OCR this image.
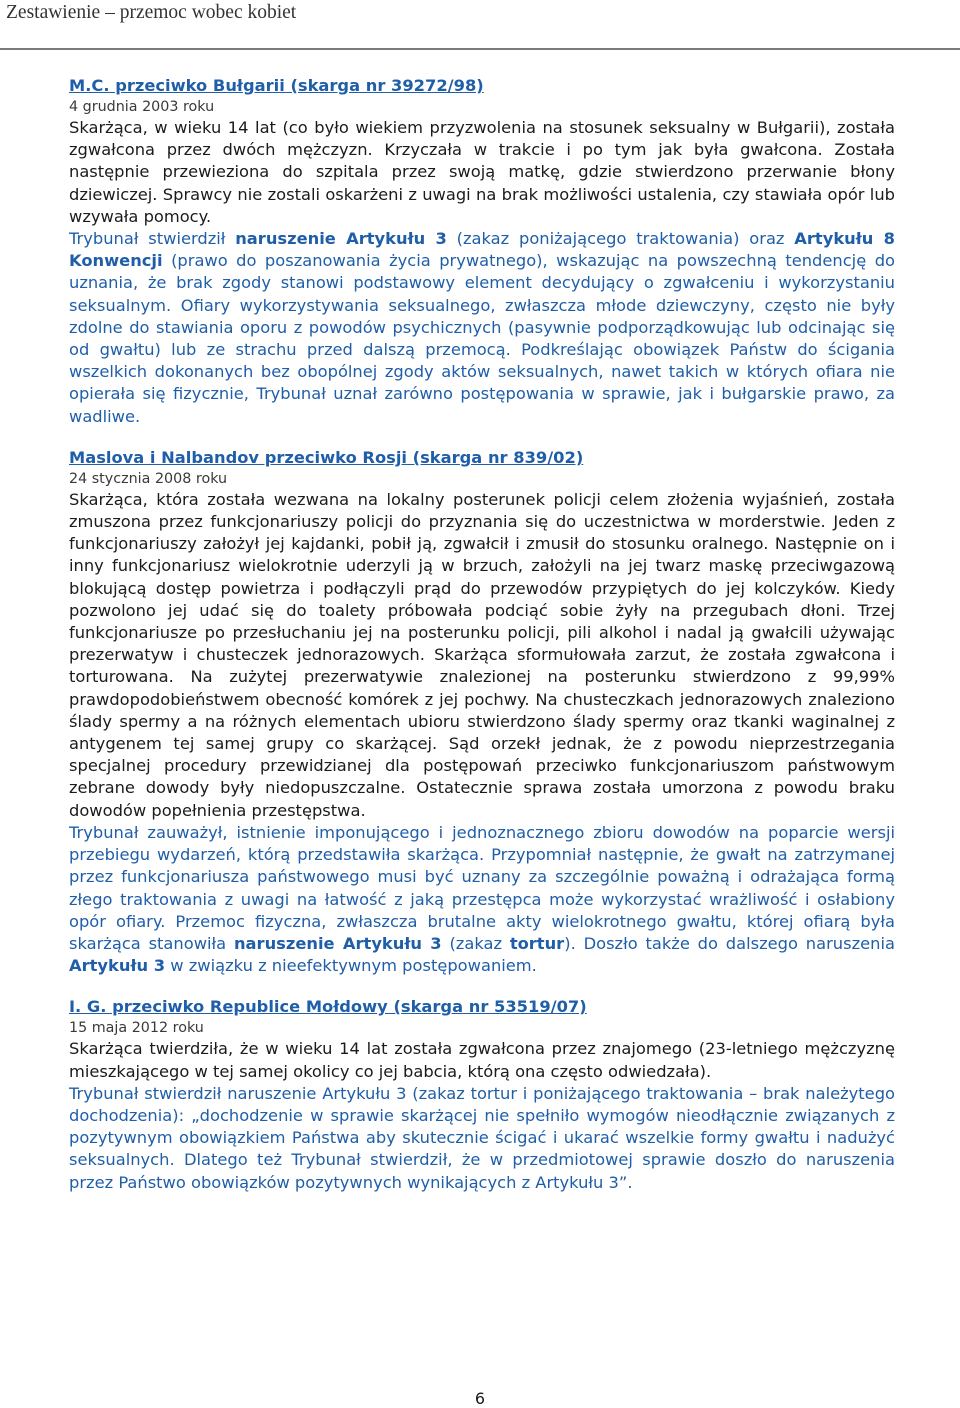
Zestawienie – przemoc wobec kobiet
M.C. przeciwko Bułgarii (skarga nr 39272/98)
4 grudnia 2003 roku

Skarżąca, w wieku 14 lat (co było wiekiem przyzwolenia na stosunek seksualny w Bułgarii), została zgwałcona przez dwóch mężczyzn. Krzyczała w trakcie i po tym jak była gwałcona. Została następnie przewieziona do szpitala przez swoją matkę, gdzie stwierdzono przerwanie błony dziewiczej. Sprawcy nie zostali oskarżeni z uwagi na brak możliwości ustalenia, czy stawiała opór lub wzywała pomocy.

Trybunał stwierdził naruszenie Artykułu 3 (zakaz poniżającego traktowania) oraz Artykułu 8 Konwencji (prawo do poszanowania życia prywatnego), wskazując na powszechną tendencję do uznania, że brak zgody stanowi podstawowy element decydujący o zgwałceniu i wykorzystaniu seksualnym. Ofiary wykorzystywania seksualnego, zwłaszcza młode dziewczyny, często nie były zdolne do stawiania oporu z powodów psychicznych (pasywnie podporządkowując lub odcinając się od gwałtu) lub ze strachu przed dalszą przemocą. Podkreślając obowiązek Państw do ścigania wszelkich dokonanych bez obopólnej zgody aktów seksualnych, nawet takich w których ofiara nie opierała się fizycznie, Trybunał uznał zarówno postępowania w sprawie, jak i bułgarskie prawo, za wadliwe.

Maslova i Nalbandov przeciwko Rosji (skarga nr 839/02)
24 stycznia 2008 roku

Skarżąca, która została wezwana na lokalny posterunek policji celem złożenia wyjaśnień, została zmuszona przez funkcjonariuszy policji do przyznania się do uczestnictwa w morderstwie. Jeden z funkcjonariuszy założył jej kajdanki, pobił ją, zgwałcił i zmusił do stosunku oralnego. Następnie on i inny funkcjonariusz wielokrotnie uderzyli ją w brzuch, założyli na jej twarz maskę przeciwgazową blokującą dostęp powietrza i podłączyli prąd do przewodów przypiętych do jej kolczyków. Kiedy pozwolono jej udać się do toalety próbowała podciąć sobie żyły na przegubach dłoni. Trzej funkcjonariusze po przesłuchaniu jej na posterunku policji, pili alkohol i nadal ją gwałcili używając prezerwatyw i chusteczek jednorazowych. Skarżąca sformułowała zarzut, że została zgwałcona i torturowana. Na zużytej prezerwatywie znalezionej na posterunku stwierdzono z 99,99% prawdopodobieństwem obecność komórek z jej pochwy. Na chusteczkach jednorazowych znaleziono ślady spermy a na różnych elementach ubioru stwierdzono ślady spermy oraz tkanki waginalnej z antygenem tej samej grupy co skarżącej. Sąd orzekł jednak, że z powodu nieprzestrzegania specjalnej procedury przewidzianej dla postępowań przeciwko funkcjonariuszom państwowym zebrane dowody były niedopuszczalne. Ostatecznie sprawa została umorzona z powodu braku dowodów popełnienia przestępstwa.

Trybunał zauważył, istnienie imponującego i jednoznacznego zbioru dowodów na poparcie wersji przebiegu wydarzeń, którą przedstawiła skarżąca. Przypomniał następnie, że gwałt na zatrzymanej przez funkcjonariusza państwowego musi być uznany za szczególnie poważną i odrażająca formą złego traktowania z uwagi na łatwość z jaką przestępca może wykorzystać wrażliwość i osłabiony opór ofiary. Przemoc fizyczna, zwłaszcza brutalne akty wielokrotnego gwałtu, której ofiarą była skarżąca stanowiła naruszenie Artykułu 3 (zakaz tortur). Doszło także do dalszego naruszenia Artykułu 3 w związku z nieefektywnym postępowaniem.

I. G. przeciwko Republice Mołdowy (skarga nr 53519/07)
15 maja 2012 roku

Skarżąca twierdziła, że w wieku 14 lat została zgwałcona przez znajomego (23-letniego mężczyznę mieszkającego w tej samej okolicy co jej babcia, którą ona często odwiedzała).

Trybunał stwierdził naruszenie Artykułu 3 (zakaz tortur i poniżającego traktowania – brak należytego dochodzenia): „dochodzenie w sprawie skarżącej nie spełniło wymogów nieodłącznie związanych z pozytywnym obowiązkiem Państwa aby skutecznie ścigać i ukarać wszelkie formy gwałtu i nadużyć seksualnych. Dlatego też Trybunał stwierdził, że w przedmiotowej sprawie doszło do naruszenia przez Państwo obowiązków pozytywnych wynikających z Artykułu 3”.

6
